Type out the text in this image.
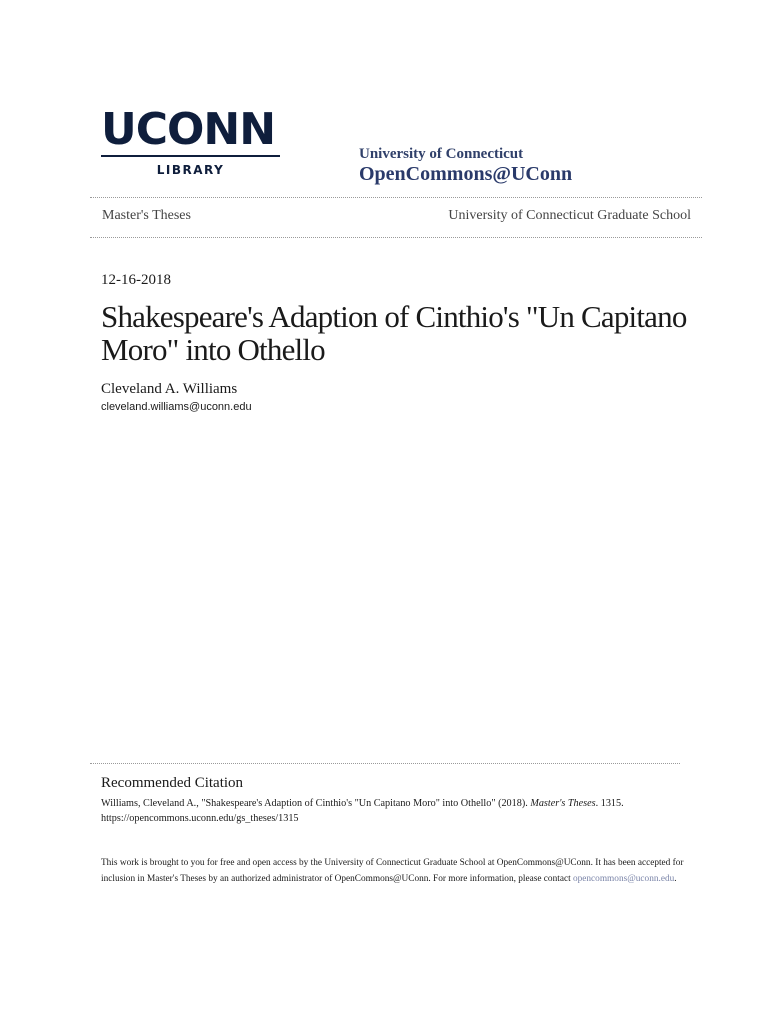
UCONN
LIBRARY
University of Connecticut
OpenCommons@UConn
Master's Theses	University of Connecticut Graduate School
12-16-2018
Shakespeare's Adaption of Cinthio's "Un Capitano Moro" into Othello
Cleveland A. Williams
cleveland.williams@uconn.edu
Recommended Citation
Williams, Cleveland A., "Shakespeare's Adaption of Cinthio's "Un Capitano Moro" into Othello" (2018). Master's Theses. 1315.
https://opencommons.uconn.edu/gs_theses/1315
This work is brought to you for free and open access by the University of Connecticut Graduate School at OpenCommons@UConn. It has been accepted for inclusion in Master's Theses by an authorized administrator of OpenCommons@UConn. For more information, please contact opencommons@uconn.edu.
